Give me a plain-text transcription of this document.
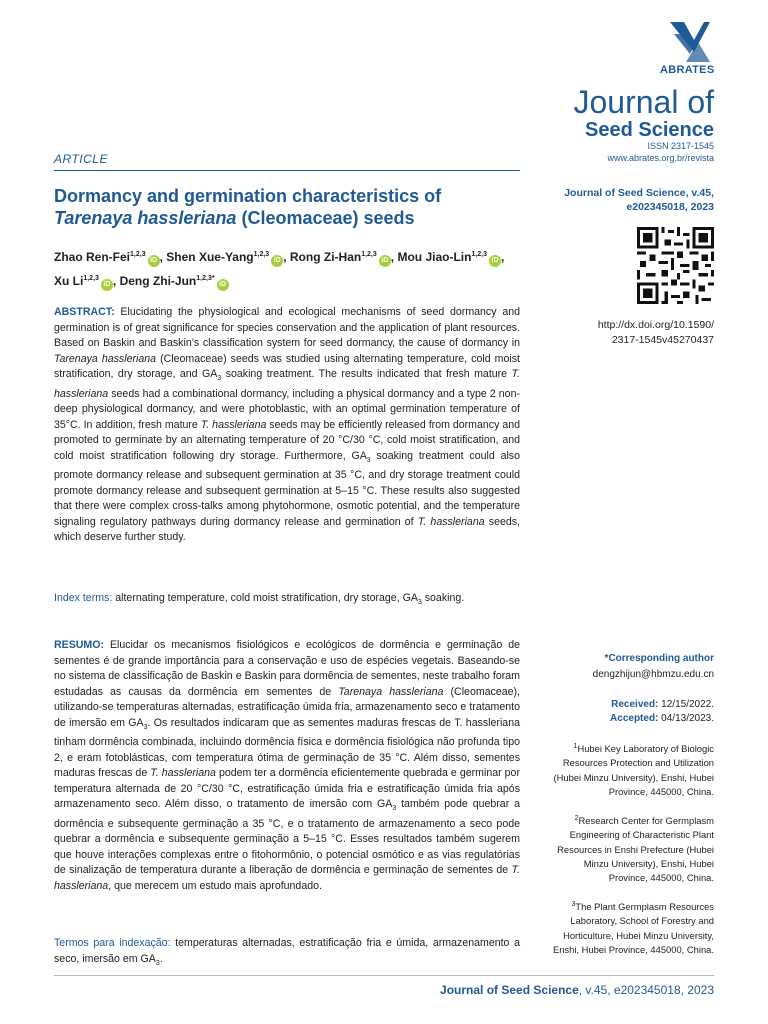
ABRATES
Journal of
Seed Science
ISSN 2317-1545
www.abrates.org.br/revista
ARTICLE
Dormancy and germination characteristics of Tarenaya hassleriana (Cleomaceae) seeds
Zhao Ren-Fei$^{1,2,3}$iD , Shen Xue-Yang$^{1,2,3}$iD , Rong Zi-Han$^{1,2,3}$iD , Mou Jiao-Lin$^{1,2,3}$iD ,
Xu Li$^{1,2,3}$iD , Deng Zhi-Jun$^{1,2,3*}$iD
ABSTRACT: Elucidating the physiological and ecological mechanisms of seed dormancy and germination is of great significance for species conservation and the application of plant resources. Based on Baskin and Baskin’s classification system for seed dormancy, the cause of dormancy in Tarenaya hassleriana (Cleomaceae) seeds was studied using alternating temperature, cold moist stratification, dry storage, and $GA_3$ soaking treatment. The results indicated that fresh mature T. hassleriana seeds had a combinational dormancy, including a physical dormancy and a type 2 non-deep physiological dormancy, and were photoblastic, with an optimal germination temperature of 35°C. In addition, fresh mature T. hassleriana seeds may be efficiently released from dormancy and promoted to germinate by an alternating temperature of 20 °C/30 °C, cold moist stratification, and cold moist stratification following dry storage. Furthermore, $GA_3$ soaking treatment could also promote dormancy release and subsequent germination at 35 °C, and dry storage treatment could promote dormancy release and subsequent germination at 5–15 °C. These results also suggested that there were complex cross-talks among phytohormone, osmotic potential, and the temperature signaling regulatory pathways during dormancy release and germination of T. hassleriana seeds, which deserve further study.
Index terms: alternating temperature, cold moist stratification, dry storage, $GA_3$ soaking.
RESUMO: Elucidar os mecanismos fisiológicos e ecológicos de dormência e germinação de sementes é de grande importância para a conservação e uso de espécies vegetais. Baseando-se no sistema de classificação de Baskin e Baskin para dormência de sementes, neste trabalho foram estudadas as causas da dormência em sementes de Tarenaya hassleriana (Cleomaceae), utilizando-se temperaturas alternadas, estratificação úmida fria, armazenamento seco e tratamento de imersão em $GA_3$. Os resultados indicaram que as sementes maduras frescas de T. hassleriana tinham dormência combinada, incluindo dormência física e dormência fisiológica não profunda tipo 2, e eram fotoblásticas, com temperatura ótima de germinação de 35 °C. Além disso, sementes maduras frescas de T. hassleriana podem ter a dormência eficientemente quebrada e germinar por temperatura alternada de 20 °C/30 °C, estratificação úmida fria e estratificação úmida fria após armazenamento seco. Além disso, o tratamento de imersão com $GA_3$ também pode quebrar a dormência e subsequente germinação a 35 °C, e o tratamento de armazenamento a seco pode quebrar a dormência e subsequente germinação a 5–15 °C. Esses resultados também sugerem que houve interações complexas entre o fitohormônio, o potencial osmótico e as vias regulatórias de sinalização de temperatura durante a liberação de dormência e germinação de sementes de T. hassleriana, que merecem um estudo mais aprofundado.
Termos para indexação: temperaturas alternadas, estratificação fria e úmida, armazenamento a seco, imersão em $GA_3$.
Journal of Seed Science, v.45,
e202345018, 2023
http://dx.doi.org/10.1590/
2317-1545v45270437
*Corresponding author
dengzhijun@hbmzu.edu.cn
Received: 12/15/2022.
Accepted: 04/13/2023.
$^1$Hubei Key Laboratory of Biologic Resources Protection and Utilization (Hubei Minzu University), Enshi, Hubei Province, 445000, China.
$^2$Research Center for Germplasm Engineering of Characteristic Plant Resources in Enshi Prefecture (Hubei Minzu University), Enshi, Hubei Province, 445000, China.
$^3$The Plant Germplasm Resources Laboratory, School of Forestry and Horticulture, Hubei Minzu University, Enshi, Hubei Province, 445000, China.
Journal of Seed Science, v.45, e202345018, 2023
